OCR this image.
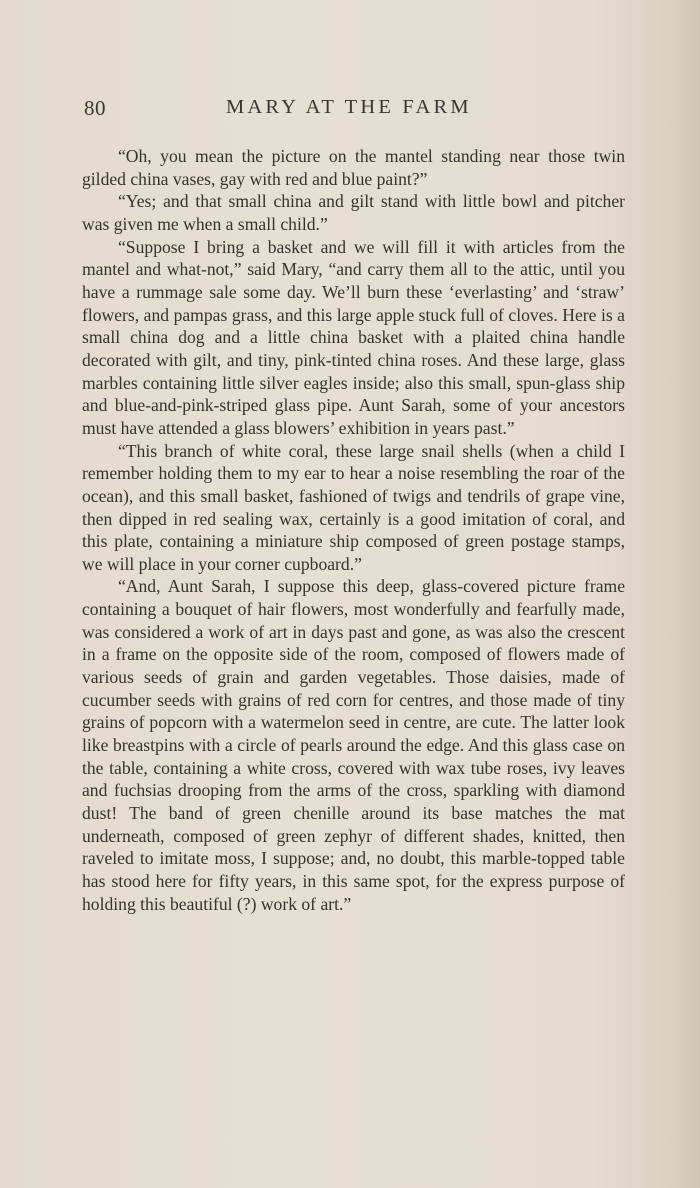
80	MARY AT THE FARM

“Oh, you mean the picture on the mantel standing near those twin gilded china vases, gay with red and blue paint?”

“Yes; and that small china and gilt stand with little bowl and pitcher was given me when a small child.”

“Suppose I bring a basket and we will fill it with articles from the mantel and what-not,” said Mary, “and carry them all to the attic, until you have a rummage sale some day. We’ll burn these ‘everlasting’ and ‘straw’ flowers, and pampas grass, and this large apple stuck full of cloves. Here is a small china dog and a little china basket with a plaited china handle decorated with gilt, and tiny, pink-tinted china roses. And these large, glass marbles containing little silver eagles inside; also this small, spun-glass ship and blue-and-pink-striped glass pipe. Aunt Sarah, some of your ancestors must have attended a glass blowers’ exhibition in years past.”

“This branch of white coral, these large snail shells (when a child I remember holding them to my ear to hear a noise resembling the roar of the ocean), and this small basket, fashioned of twigs and tendrils of grape vine, then dipped in red sealing wax, certainly is a good imitation of coral, and this plate, containing a miniature ship composed of green postage stamps, we will place in your corner cupboard.”

“And, Aunt Sarah, I suppose this deep, glass-covered picture frame containing a bouquet of hair flowers, most wonderfully and fearfully made, was considered a work of art in days past and gone, as was also the crescent in a frame on the opposite side of the room, composed of flowers made of various seeds of grain and garden vegetables. Those daisies, made of cucumber seeds with grains of red corn for centres, and those made of tiny grains of popcorn with a watermelon seed in centre, are cute. The latter look like breastpins with a circle of pearls around the edge. And this glass case on the table, containing a white cross, covered with wax tube roses, ivy leaves and fuchsias drooping from the arms of the cross, sparkling with diamond dust! The band of green chenille around its base matches the mat underneath, composed of green zephyr of different shades, knitted, then raveled to imitate moss, I suppose; and, no doubt, this marble-topped table has stood here for fifty years, in this same spot, for the express purpose of holding this beautiful (?) work of art.”
